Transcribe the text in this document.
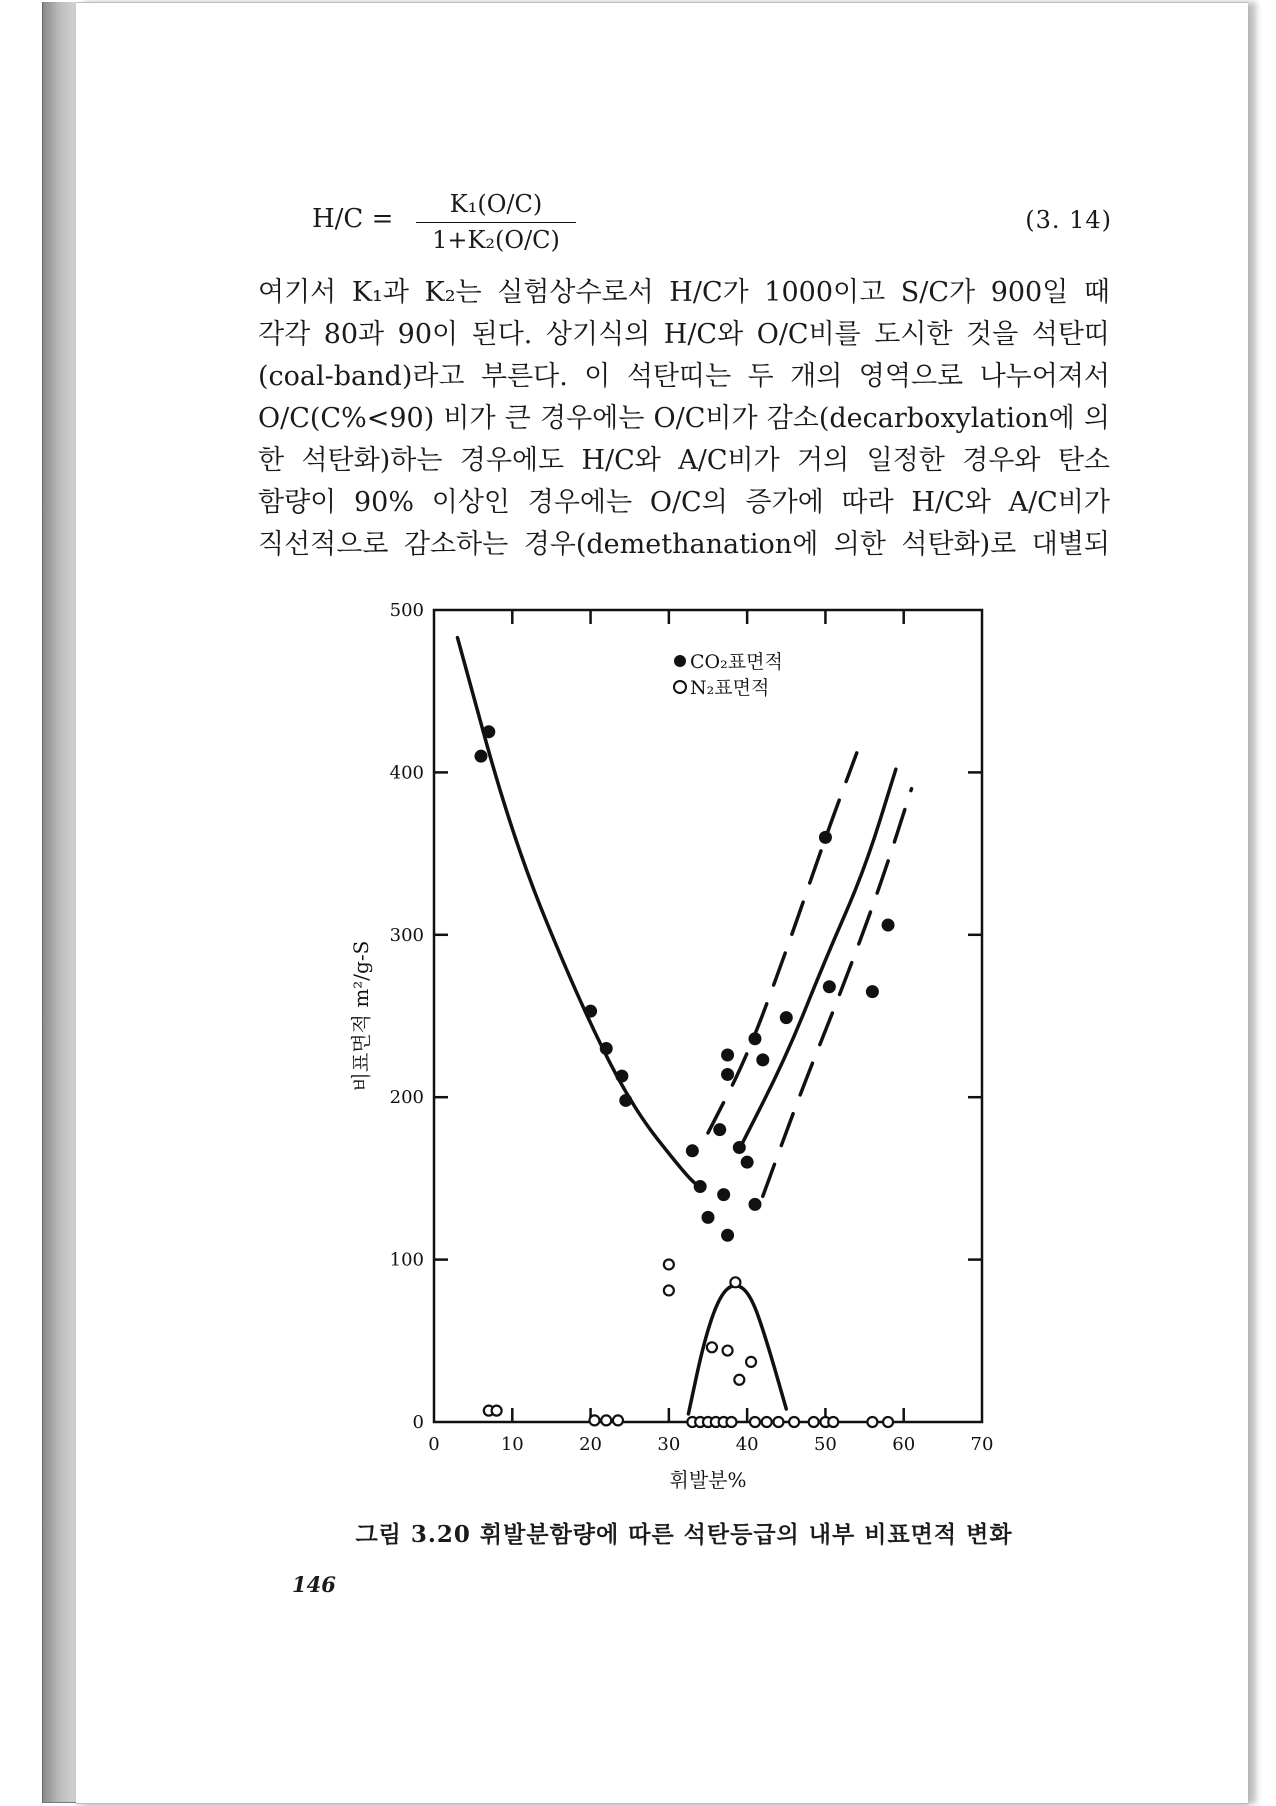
H/C =	K₁(O/C)
1+K₂(O/C)
(3. 14)
여기서 K₁과 K₂는 실험상수로서 H/C가 1000이고 S/C가 900일 때
각각 80과 90이 된다. 상기식의 H/C와 O/C비를 도시한 것을 석탄띠
(coal-band)라고 부른다. 이 석탄띠는 두 개의 영역으로 나누어져서
O/C(C%<90) 비가 큰 경우에는 O/C비가 감소(decarboxylation에 의
한 석탄화)하는 경우에도 H/C와 A/C비가 거의 일정한 경우와 탄소
함량이 90% 이상인 경우에는 O/C의 증가에 따라 H/C와 A/C비가
직선적으로 감소하는 경우(demethanation에 의한 석탄화)로 대별되
0	10	20	30	40	50	60	70
0
100
200
300
400
500
CO₂표면적
N₂표면적
휘발분%
비표면적 m²/g-S
그림 3.20 휘발분함량에 따른 석탄등급의 내부 비표면적 변화
146
